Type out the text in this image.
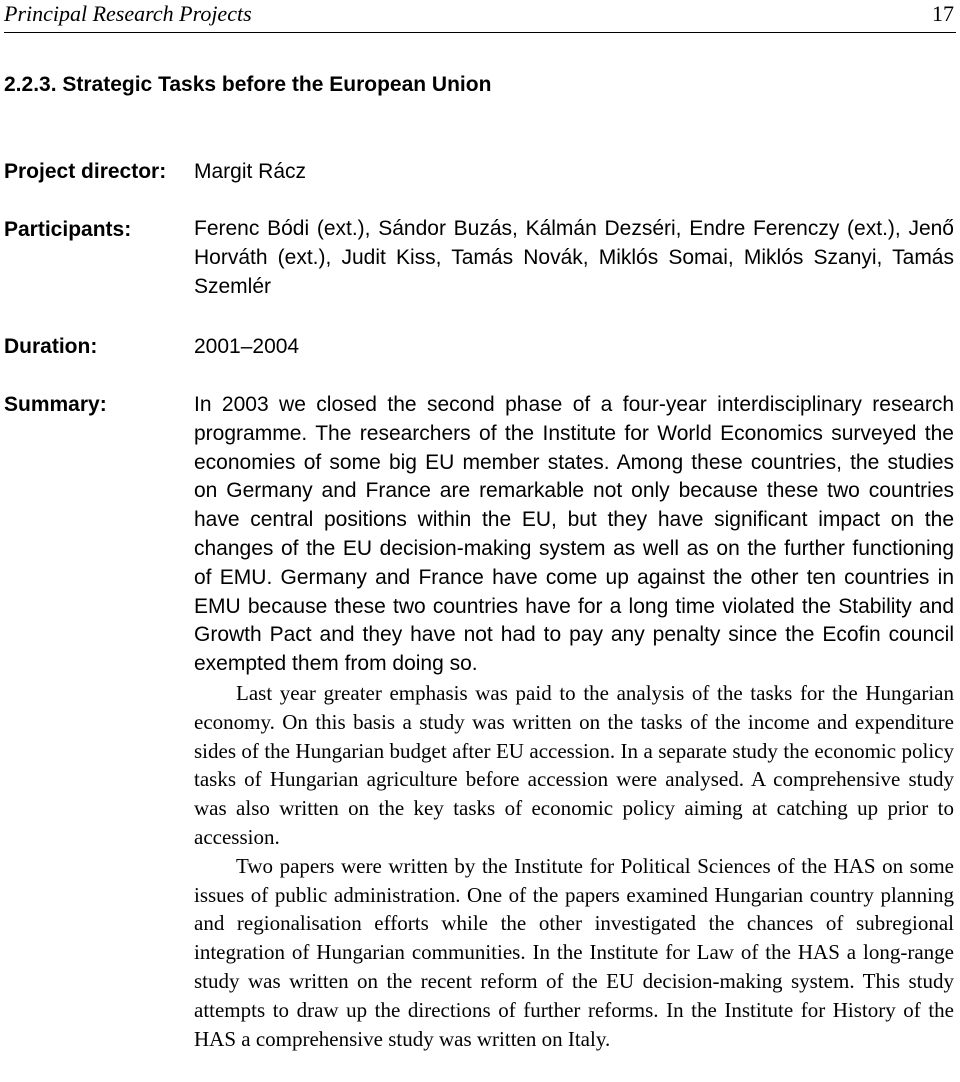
Principal Research Projects	17
2.2.3. Strategic Tasks before the European Union
Project director: Margit Rácz
Participants:	Ferenc Bódi (ext.), Sándor Buzás, Kálmán Dezséri, Endre Ferenczy (ext.), Jenő Horváth (ext.), Judit Kiss, Tamás Novák, Miklós Somai, Miklós Szanyi, Tamás Szemlér
Duration:	2001–2004
Summary:	In 2003 we closed the second phase of a four-year interdisciplinary research programme. The researchers of the Institute for World Economics surveyed the economies of some big EU member states. Among these countries, the studies on Germany and France are remarkable not only because these two countries have central positions within the EU, but they have significant impact on the changes of the EU decision-making system as well as on the further functioning of EMU. Germany and France have come up against the other ten countries in EMU because these two countries have for a long time violated the Stability and Growth Pact and they have not had to pay any penalty since the Ecofin council exempted them from doing so.

Last year greater emphasis was paid to the analysis of the tasks for the Hungarian economy. On this basis a study was written on the tasks of the income and expenditure sides of the Hungarian budget after EU accession. In a separate study the economic policy tasks of Hungarian agriculture before accession were analysed. A comprehensive study was also written on the key tasks of economic policy aiming at catching up prior to accession.

Two papers were written by the Institute for Political Sciences of the HAS on some issues of public administration. One of the papers examined Hungarian country planning and regionalisation efforts while the other investigated the chances of subregional integration of Hungarian communities. In the Institute for Law of the HAS a long-range study was written on the recent reform of the EU decision-making system. This study attempts to draw up the directions of further reforms. In the Institute for History of the HAS a comprehensive study was written on Italy.
